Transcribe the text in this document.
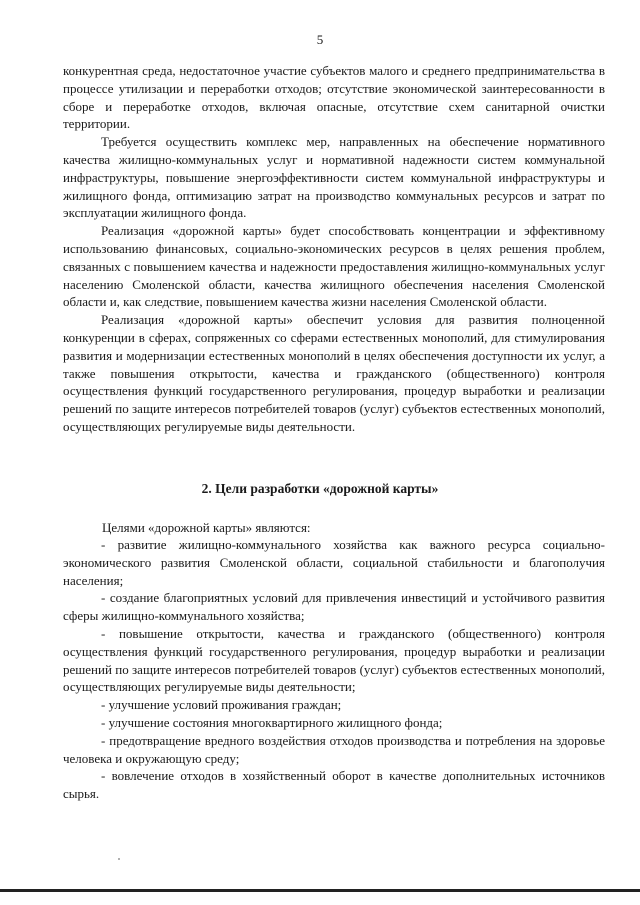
5

конкурентная среда, недостаточное участие субъектов малого и среднего предпринимательства в процессе утилизации и переработки отходов; отсутствие экономической заинтересованности в сборе и переработке отходов, включая опасные, отсутствие схем санитарной очистки территории.

Требуется осуществить комплекс мер, направленных на обеспечение нормативного качества жилищно-коммунальных услуг и нормативной надежности систем коммунальной инфраструктуры, повышение энергоэффективности систем коммунальной инфраструктуры и жилищного фонда, оптимизацию затрат на производство коммунальных ресурсов и затрат по эксплуатации жилищного фонда.

Реализация «дорожной карты» будет способствовать концентрации и эффективному использованию финансовых, социально-экономических ресурсов в целях решения проблем, связанных с повышением качества и надежности предоставления жилищно-коммунальных услуг населению Смоленской области, качества жилищного обеспечения населения Смоленской области и, как следствие, повышением качества жизни населения Смоленской области.

Реализация «дорожной карты» обеспечит условия для развития полноценной конкуренции в сферах, сопряженных со сферами естественных монополий, для стимулирования развития и модернизации естественных монополий в целях обеспечения доступности их услуг, а также повышения открытости, качества и гражданского (общественного) контроля осуществления функций государственного регулирования, процедур выработки и реализации решений по защите интересов потребителей товаров (услуг) субъектов естественных монополий, осуществляющих регулируемые виды деятельности.

2. Цели разработки «дорожной карты»
Целями «дорожной карты» являются:

- развитие жилищно-коммунального хозяйства как важного ресурса социально-экономического развития Смоленской области, социальной стабильности и благополучия населения;

- создание благоприятных условий для привлечения инвестиций и устойчивого развития сферы жилищно-коммунального хозяйства;

- повышение открытости, качества и гражданского (общественного) контроля осуществления функций государственного регулирования, процедур выработки и реализации решений по защите интересов потребителей товаров (услуг) субъектов естественных монополий, осуществляющих регулируемые виды деятельности;

- улучшение условий проживания граждан;

- улучшение состояния многоквартирного жилищного фонда;

- предотвращение вредного воздействия отходов производства и потребления на здоровье человека и окружающую среду;

- вовлечение отходов в хозяйственный оборот в качестве дополнительных источников сырья.
